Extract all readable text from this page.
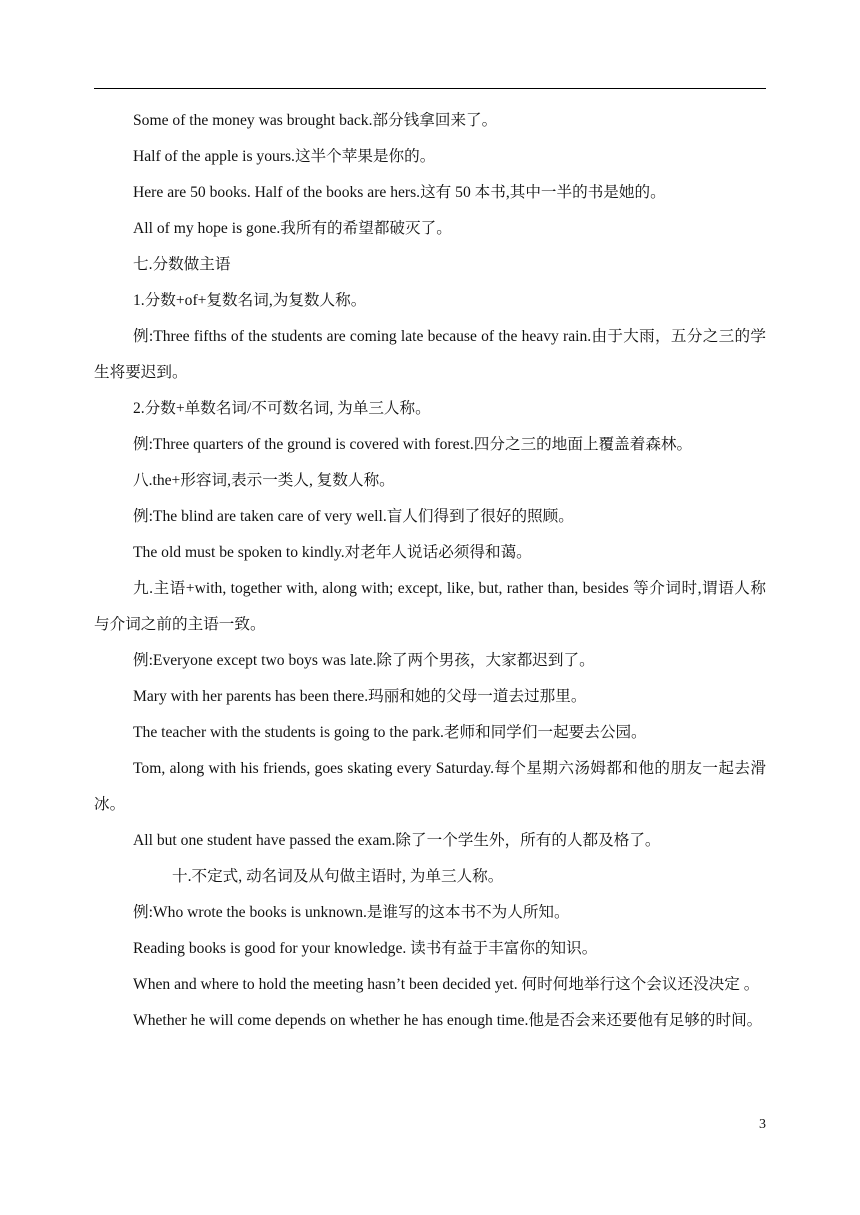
Some of the money was brought back.部分钱拿回来了。

Half of the apple is yours.这半个苹果是你的。

Here are 50 books. Half of the books are hers.这有 50 本书,其中一半的书是她的。

All of my hope is gone.我所有的希望都破灭了。

七.分数做主语

1.分数+of+复数名词,为复数人称。

例:Three fifths of the students are coming late because of the heavy rain.由于大雨，五分之三的学生将要迟到。

2.分数+单数名词/不可数名词, 为单三人称。

例:Three quarters of the ground is covered with forest.四分之三的地面上覆盖着森林。

八.the+形容词,表示一类人, 复数人称。

例:The blind are taken care of very well.盲人们得到了很好的照顾。

The old must be spoken to kindly.对老年人说话必须得和蔼。

九.主语+with, together with, along with; except, like, but, rather than, besides 等介词时,谓语人称与介词之前的主语一致。

例:Everyone except two boys was late.除了两个男孩，大家都迟到了。

Mary with her parents has been there.玛丽和她的父母一道去过那里。

The teacher with the students is going to the park.老师和同学们一起要去公园。

Tom, along with his friends, goes skating every Saturday.每个星期六汤姆都和他的朋友一起去滑冰。

All but one student have passed the exam.除了一个学生外，所有的人都及格了。

十.不定式, 动名词及从句做主语时, 为单三人称。

例:Who wrote the books is unknown.是谁写的这本书不为人所知。

Reading books is good for your knowledge. 读书有益于丰富你的知识。

When and where to hold the meeting hasn’t been decided yet. 何时何地举行这个会议还没决定 。

Whether he will come depends on whether he has enough time.他是否会来还要他有足够的时间。

3
